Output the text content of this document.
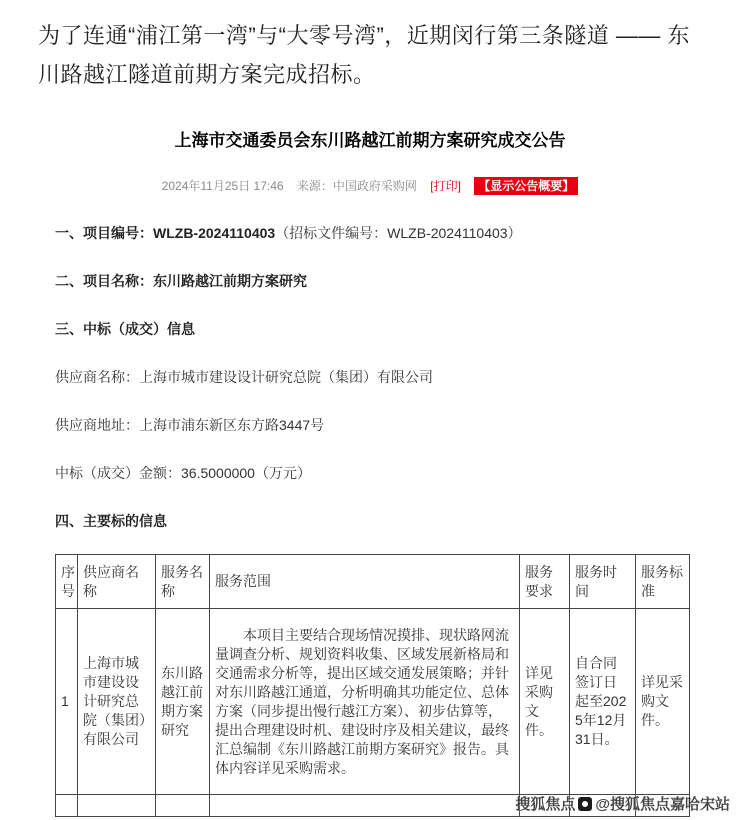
为了连通“浦江第一湾”与“大零号湾”，近期闵行第三条隧道 —— 东川路越江隧道前期方案完成招标。

上海市交通委员会东川路越江前期方案研究成交公告
2024年11月25日 17:46 来源：中国政府采购网 [打印] 【显示公告概要】

一、项目编号：WLZB-2024110403（招标文件编号：WLZB-2024110403）

二、项目名称：东川路越江前期方案研究

三、中标（成交）信息

供应商名称：上海市城市建设设计研究总院（集团）有限公司

供应商地址：上海市浦东新区东方路3447号

中标（成交）金额：36.5000000（万元）

四、主要标的信息

序号	供应商名称	服务名称	服务范围	服务要求	服务时间	服务标准
1	上海市城市建设设计研究总院（集团）有限公司	东川路越江前期方案研究	本项目主要结合现场情况摸排、现状路网流量调查分析、规划资料收集、区域发展新格局和交通需求分析等，提出区域交通发展策略；并针对东川路越江通道，分析明确其功能定位、总体方案（同步提出慢行越江方案）、初步估算等，提出合理建设时机、建设时序及相关建议，最终汇总编制《东川路越江前期方案研究》报告。具体内容详见采购需求。	详见采购文件。	自合同签订日起至2025年12月31日。	详见采购文件。

搜狐焦点 @搜狐焦点嘉哈宋站
